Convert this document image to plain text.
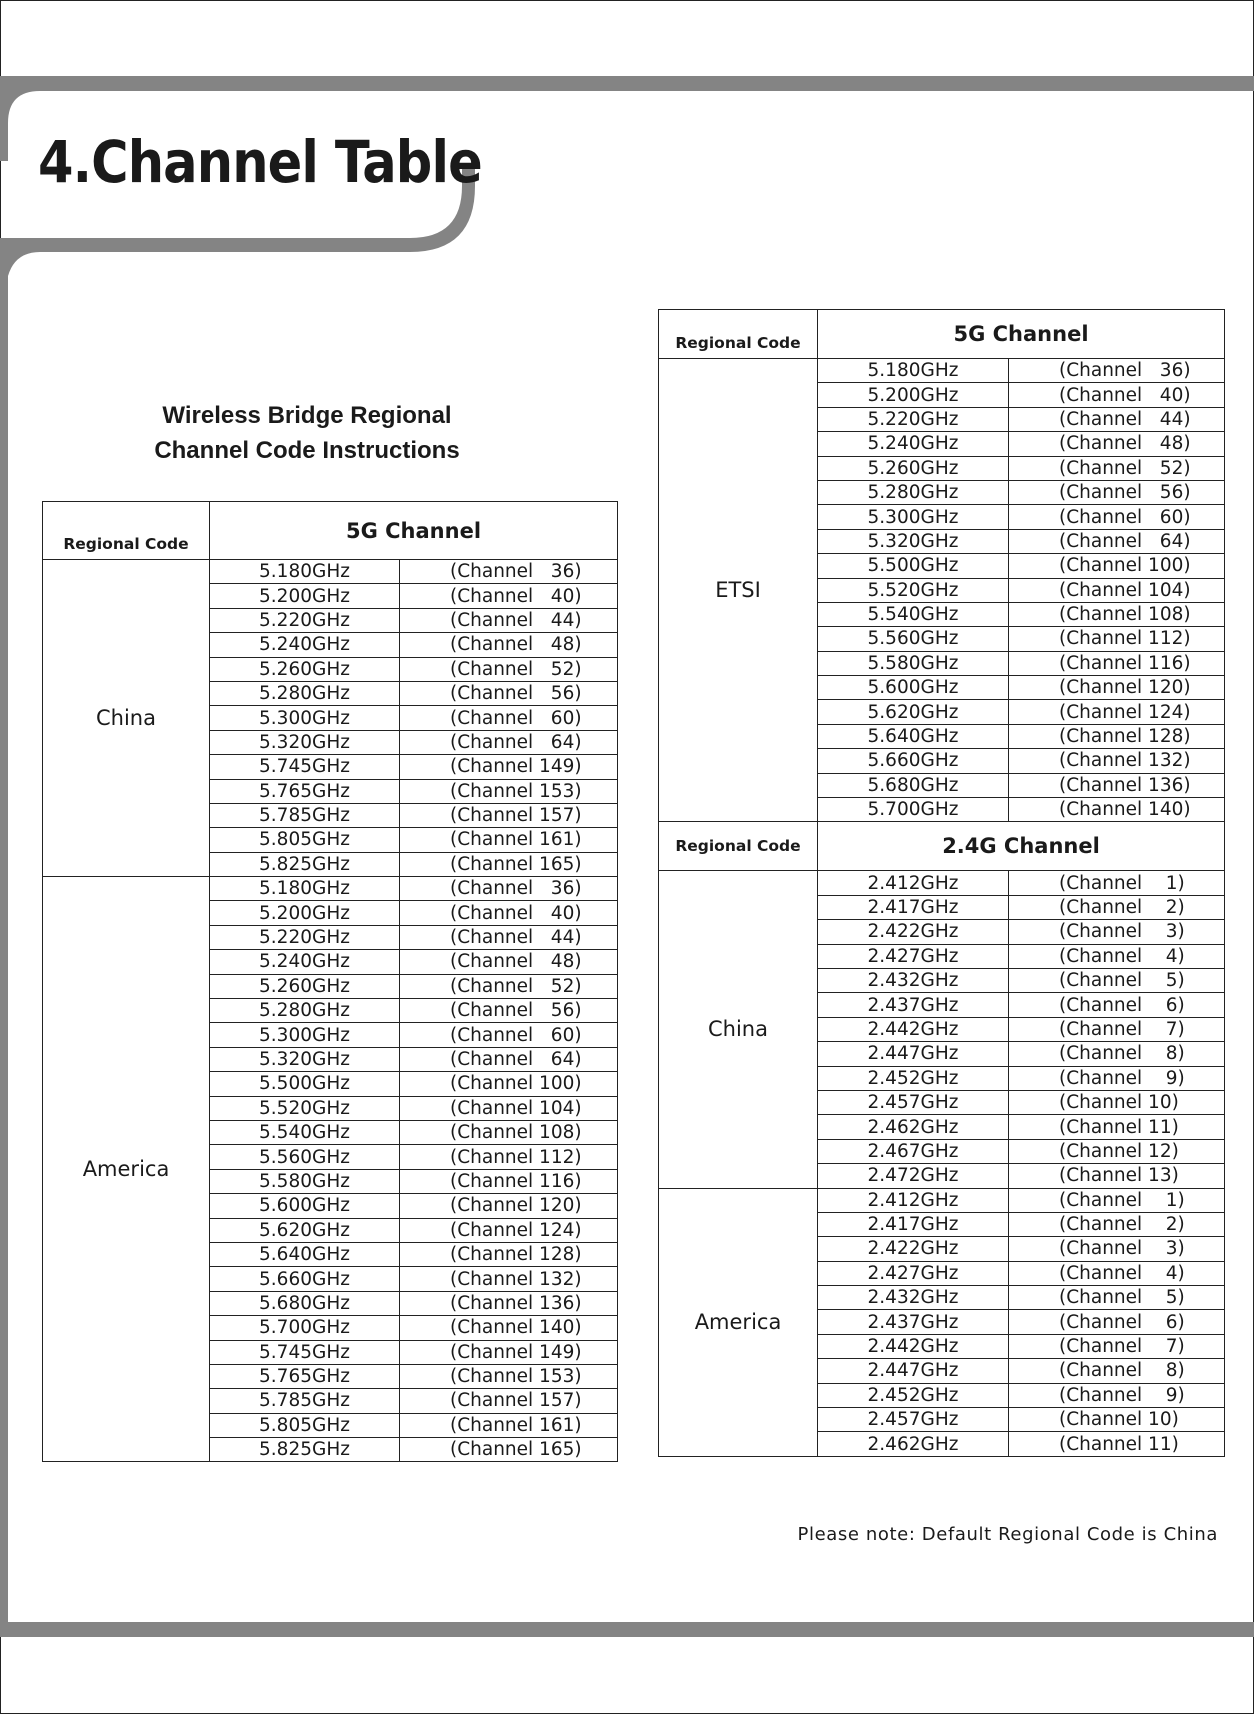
4.Channel Table
Wireless Bridge Regional
Channel Code Instructions
Regional Code	5G Channel	
China	5.180GHz	(Channel   36)
	5.200GHz	(Channel   40)
	5.220GHz	(Channel   44)
	5.240GHz	(Channel   48)
	5.260GHz	(Channel   52)
	5.280GHz	(Channel   56)
	5.300GHz	(Channel   60)
	5.320GHz	(Channel   64)
	5.745GHz	(Channel 149)
	5.765GHz	(Channel 153)
	5.785GHz	(Channel 157)
	5.805GHz	(Channel 161)
	5.825GHz	(Channel 165)
America	5.180GHz	(Channel   36)
	5.200GHz	(Channel   40)
	5.220GHz	(Channel   44)
	5.240GHz	(Channel   48)
	5.260GHz	(Channel   52)
	5.280GHz	(Channel   56)
	5.300GHz	(Channel   60)
	5.320GHz	(Channel   64)
	5.500GHz	(Channel 100)
	5.520GHz	(Channel 104)
	5.540GHz	(Channel 108)
	5.560GHz	(Channel 112)
	5.580GHz	(Channel 116)
	5.600GHz	(Channel 120)
	5.620GHz	(Channel 124)
	5.640GHz	(Channel 128)
	5.660GHz	(Channel 132)
	5.680GHz	(Channel 136)
	5.700GHz	(Channel 140)
	5.745GHz	(Channel 149)
	5.765GHz	(Channel 153)
	5.785GHz	(Channel 157)
	5.805GHz	(Channel 161)
	5.825GHz	(Channel 165)
Regional Code	5G Channel	
ETSI	5.180GHz	(Channel   36)
	5.200GHz	(Channel   40)
	5.220GHz	(Channel   44)
	5.240GHz	(Channel   48)
	5.260GHz	(Channel   52)
	5.280GHz	(Channel   56)
	5.300GHz	(Channel   60)
	5.320GHz	(Channel   64)
	5.500GHz	(Channel 100)
	5.520GHz	(Channel 104)
	5.540GHz	(Channel 108)
	5.560GHz	(Channel 112)
	5.580GHz	(Channel 116)
	5.600GHz	(Channel 120)
	5.620GHz	(Channel 124)
	5.640GHz	(Channel 128)
	5.660GHz	(Channel 132)
	5.680GHz	(Channel 136)
	5.700GHz	(Channel 140)
Regional Code	2.4G Channel	
China	2.412GHz	(Channel    1)
	2.417GHz	(Channel    2)
	2.422GHz	(Channel    3)
	2.427GHz	(Channel    4)
	2.432GHz	(Channel    5)
	2.437GHz	(Channel    6)
	2.442GHz	(Channel    7)
	2.447GHz	(Channel    8)
	2.452GHz	(Channel    9)
	2.457GHz	(Channel 10)
	2.462GHz	(Channel 11)
	2.467GHz	(Channel 12)
	2.472GHz	(Channel 13)
America	2.412GHz	(Channel    1)
	2.417GHz	(Channel    2)
	2.422GHz	(Channel    3)
	2.427GHz	(Channel    4)
	2.432GHz	(Channel    5)
	2.437GHz	(Channel    6)
	2.442GHz	(Channel    7)
	2.447GHz	(Channel    8)
	2.452GHz	(Channel    9)
	2.457GHz	(Channel 10)
	2.462GHz	(Channel 11)

Please note: Default Regional Code is China
